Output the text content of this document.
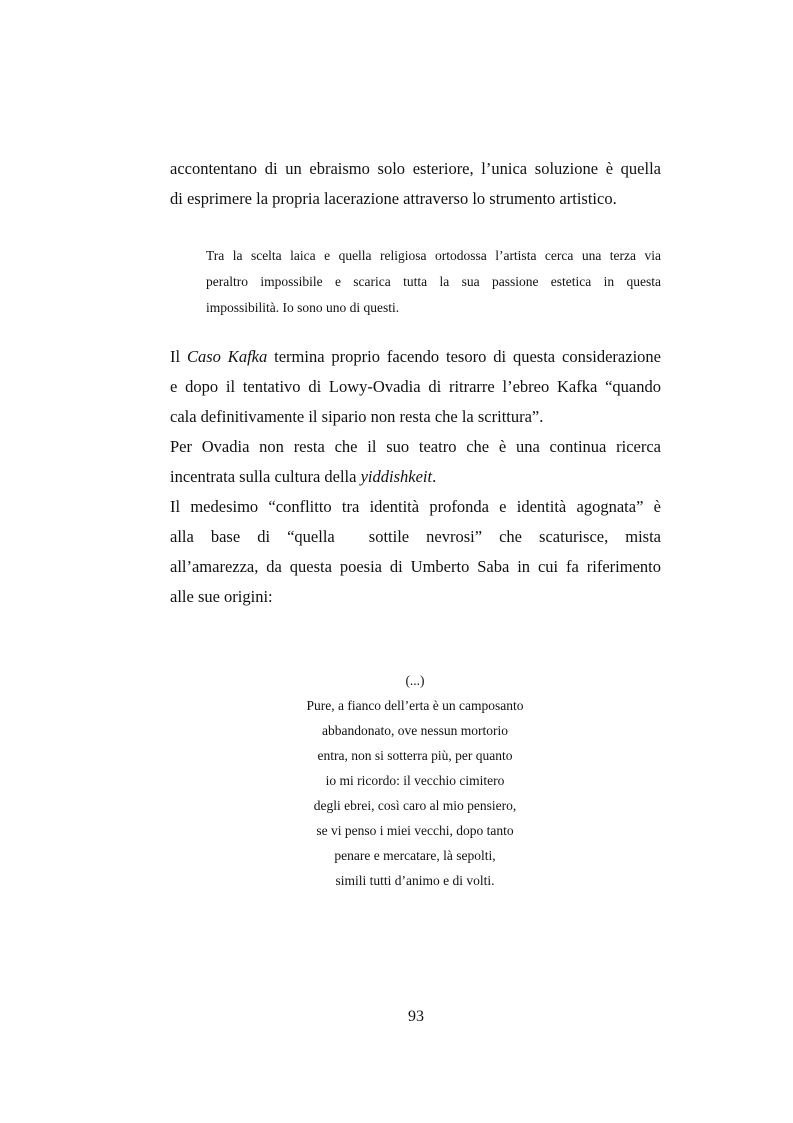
accontentano di un ebraismo solo esteriore, l’unica soluzione è quella
di esprimere la propria lacerazione attraverso lo strumento artistico.
Tra la scelta laica e quella religiosa ortodossa l’artista cerca una terza via
peraltro impossibile e scarica tutta la sua passione estetica in questa
impossibilità. Io sono uno di questi.
Il Caso Kafka termina proprio facendo tesoro di questa considerazione
e dopo il tentativo di Lowy-Ovadia di ritrarre l’ebreo Kafka “quando
cala definitivamente il sipario non resta che la scrittura”.
Per Ovadia non resta che il suo teatro che è una continua ricerca
incentrata sulla cultura della yiddishkeit.
Il medesimo “conflitto tra identità profonda e identità agognata” è
alla base di “quella  sottile nevrosi” che scaturisce, mista
all’amarezza, da questa poesia di Umberto Saba in cui fa riferimento
alle sue origini:
(...)
Pure, a fianco dell’erta è un camposanto
abbandonato, ove nessun mortorio
entra, non si sotterra più, per quanto
io mi ricordo: il vecchio cimitero
degli ebrei, così caro al mio pensiero,
se vi penso i miei vecchi, dopo tanto
penare e mercatare, là sepolti,
simili tutti d’animo e di volti.
93
